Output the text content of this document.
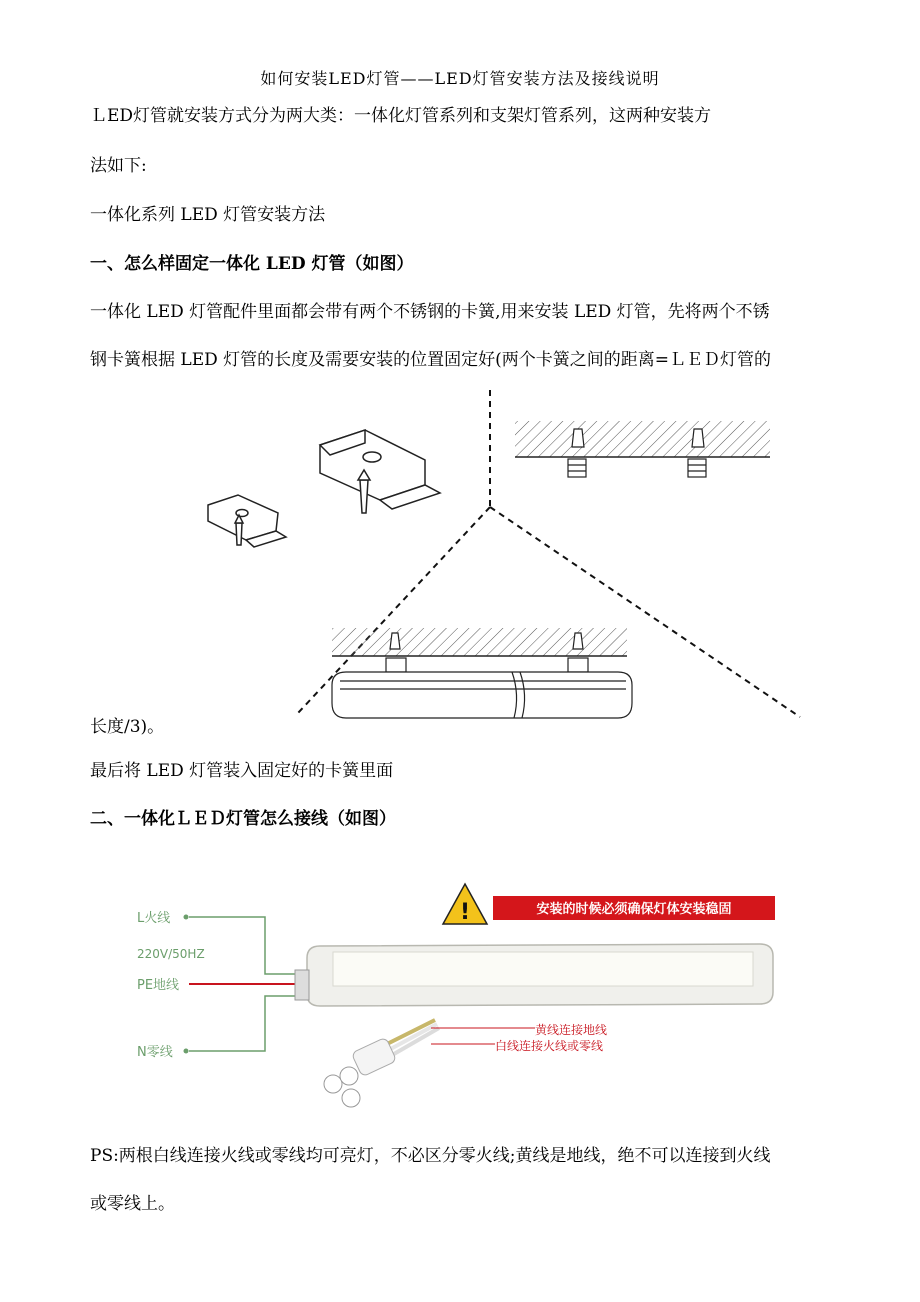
如何安装LED灯管——LED灯管安装方法及接线说明
ＬED灯管就安装方式分为两大类：一体化灯管系列和支架灯管系列，这两种安装方
法如下:
一体化系列 LED 灯管安装方法
一、怎么样固定一体化 LED 灯管（如图）
一体化 LED 灯管配件里面都会带有两个不锈钢的卡簧,用来安装 LED 灯管，先将两个不锈
钢卡簧根据 LED 灯管的长度及需要安装的位置固定好(两个卡簧之间的距离=ＬＥＤ灯管的
长度/3)。
最后将 LED 灯管装入固定好的卡簧里面
二、一体化ＬＥＤ灯管怎么接线（如图）
!	安装的时候必须确保灯体安装稳固
L火线
220V/50HZ
PE地线
N零线
黄线连接地线
白线连接火线或零线
PS:两根白线连接火线或零线均可亮灯，不必区分零火线;黄线是地线，绝不可以连接到火线
或零线上。
